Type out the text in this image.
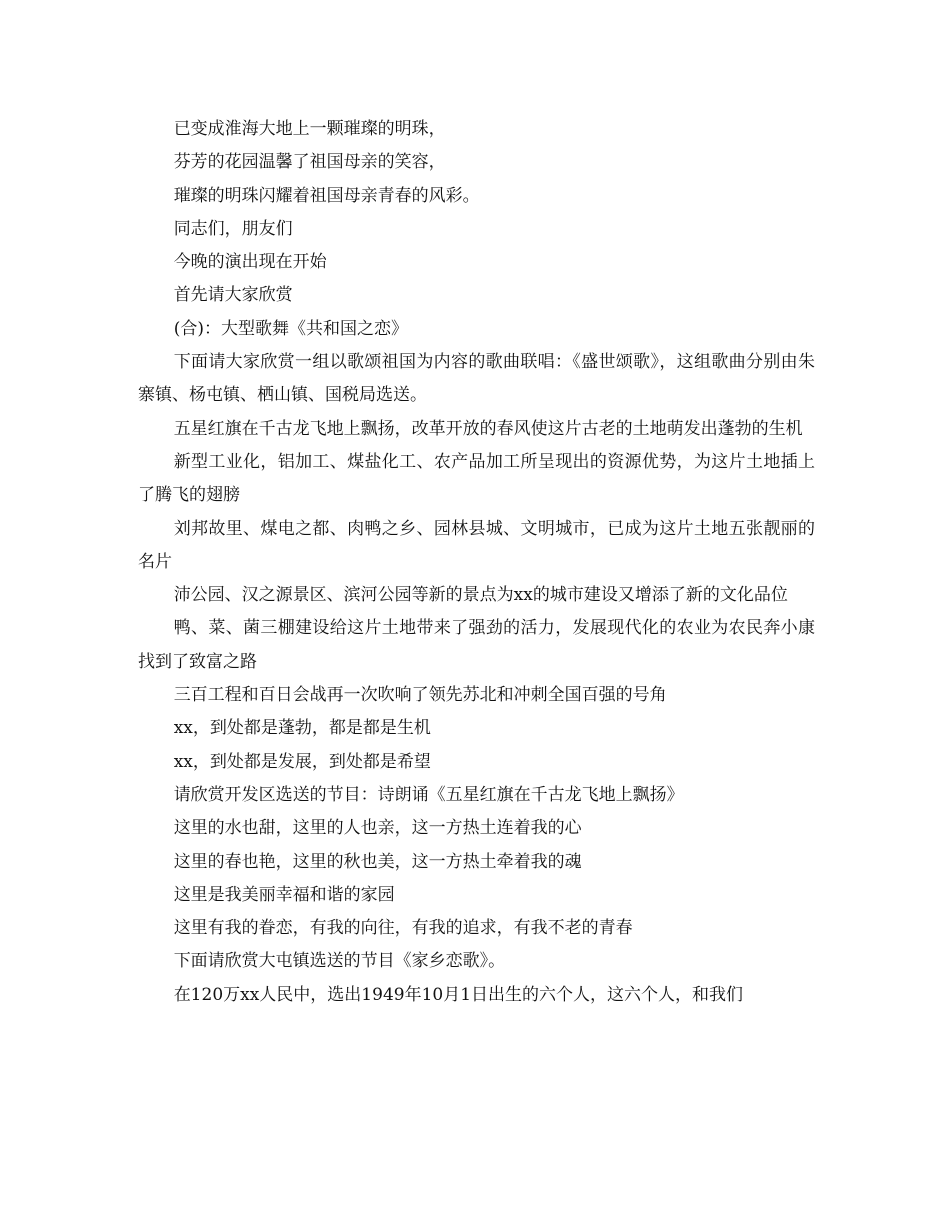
已变成淮海大地上一颗璀璨的明珠，

芬芳的花园温馨了祖国母亲的笑容，

璀璨的明珠闪耀着祖国母亲青春的风彩。

同志们，朋友们

今晚的演出现在开始

首先请大家欣赏

(合)：大型歌舞《共和国之恋》

下面请大家欣赏一组以歌颂祖国为内容的歌曲联唱：《盛世颂歌》，这组歌曲分别由朱寨镇、杨屯镇、栖山镇、国税局选送。

五星红旗在千古龙飞地上飘扬，改革开放的春风使这片古老的土地萌发出蓬勃的生机

新型工业化，铝加工、煤盐化工、农产品加工所呈现出的资源优势，为这片土地插上了腾飞的翅膀

刘邦故里、煤电之都、肉鸭之乡、园林县城、文明城市，已成为这片土地五张靓丽的名片

沛公园、汉之源景区、滨河公园等新的景点为xx的城市建设又增添了新的文化品位

鸭、菜、菌三棚建设给这片土地带来了强劲的活力，发展现代化的农业为农民奔小康找到了致富之路

三百工程和百日会战再一次吹响了领先苏北和冲刺全国百强的号角

xx，到处都是蓬勃，都是都是生机

xx，到处都是发展，到处都是希望

请欣赏开发区选送的节目：诗朗诵《五星红旗在千古龙飞地上飘扬》

这里的水也甜，这里的人也亲，这一方热土连着我的心

这里的春也艳，这里的秋也美，这一方热土牵着我的魂

这里是我美丽幸福和谐的家园

这里有我的眷恋，有我的向往，有我的追求，有我不老的青春

下面请欣赏大屯镇选送的节目《家乡恋歌》。

在120万xx人民中，选出1949年10月1日出生的六个人，这六个人，和我们
